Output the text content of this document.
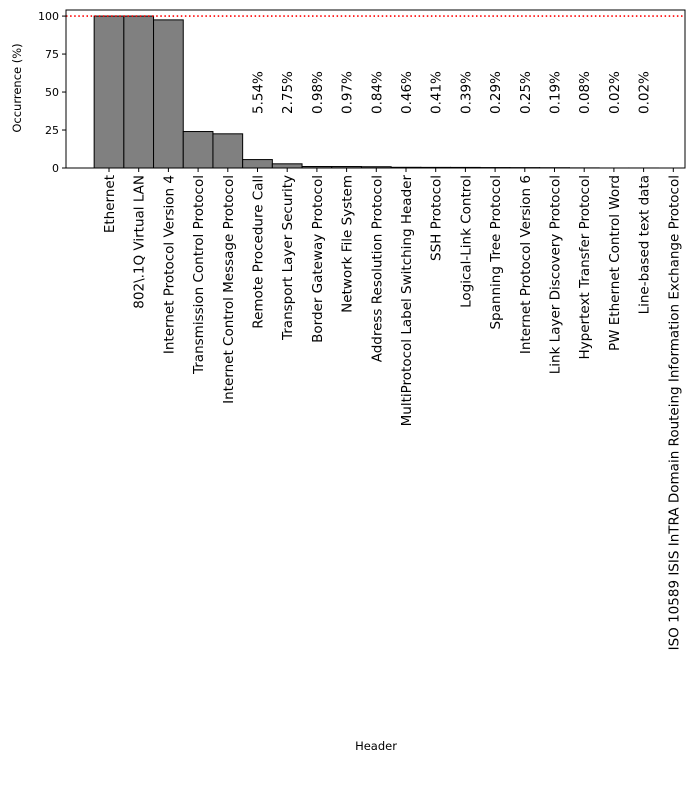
5.54% 2.75% 0.98% 0.97% 0.84% 0.46% 0.41% 0.39% 0.29% 0.25% 0.19% 0.08% 0.02% 0.02%
0
25
50
75
100
Ethernet 802\.1Q Virtual LAN Internet Protocol Version 4 Transmission Control Protocol Internet Control Message Protocol Remote Procedure Call Transport Layer Security Border Gateway Protocol Network File System Address Resolution Protocol MultiProtocol Label Switching Header SSH Protocol Logical-Link Control Spanning Tree Protocol Internet Protocol Version 6 Link Layer Discovery Protocol Hypertext Transfer Protocol PW Ethernet Control Word Line-based text data ISO 10589 ISIS InTRA Domain Routeing Information Exchange Protocol
Occurrence (%)
Header
